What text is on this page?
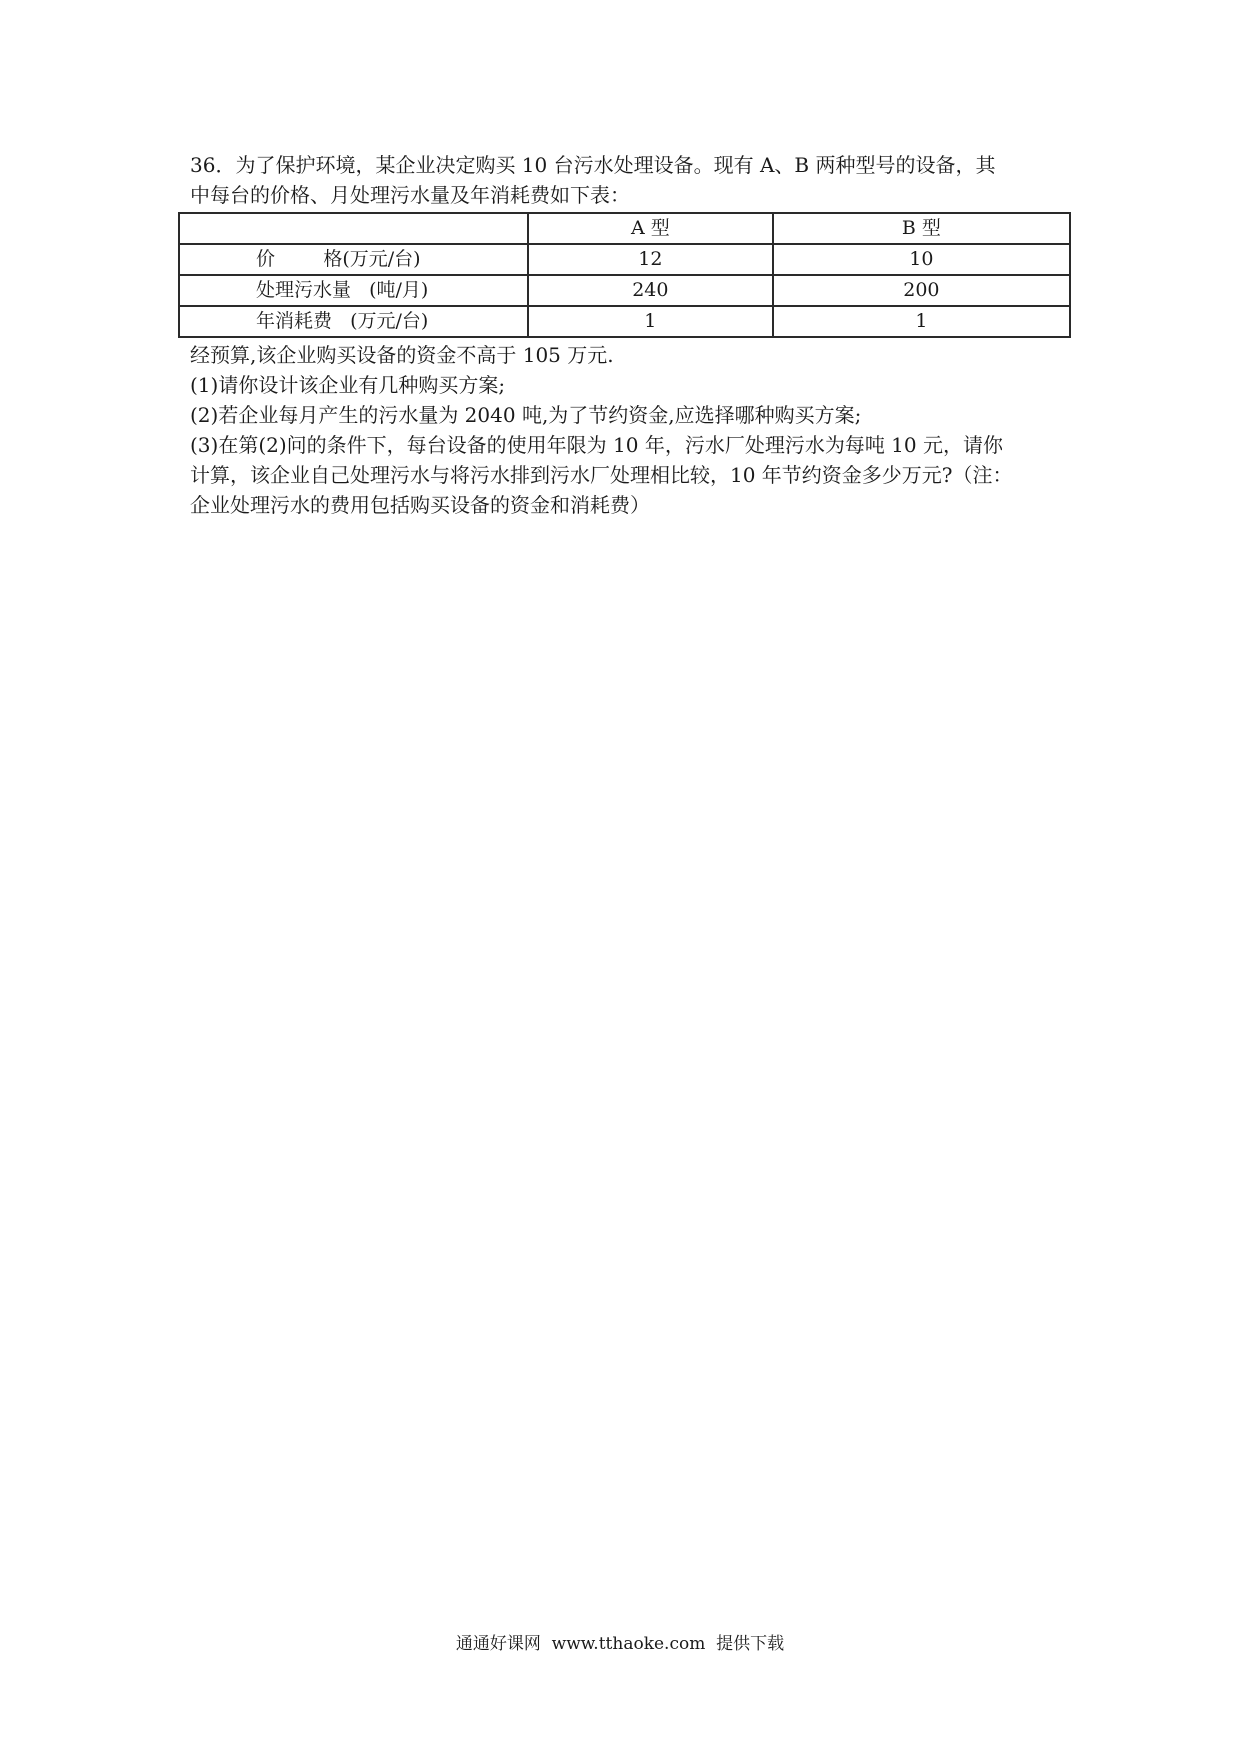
36．为了保护环境，某企业决定购买 10 台污水处理设备。现有 A、B 两种型号的设备，其

中每台的价格、月处理污水量及年消耗费如下表：

	A 型	B 型
价        格(万元/台)	12	10
处理污水量   (吨/月)	240	200
年消耗费   (万元/台)	1	1

经预算,该企业购买设备的资金不高于 105 万元.

(1)请你设计该企业有几种购买方案;

(2)若企业每月产生的污水量为 2040 吨,为了节约资金,应选择哪种购买方案;

(3)在第(2)问的条件下，每台设备的使用年限为 10 年，污水厂处理污水为每吨 10 元，请你

计算，该企业自己处理污水与将污水排到污水厂处理相比较，10 年节约资金多少万元?（注：

企业处理污水的费用包括购买设备的资金和消耗费）

通通好课网  www.tthaoke.com  提供下载
